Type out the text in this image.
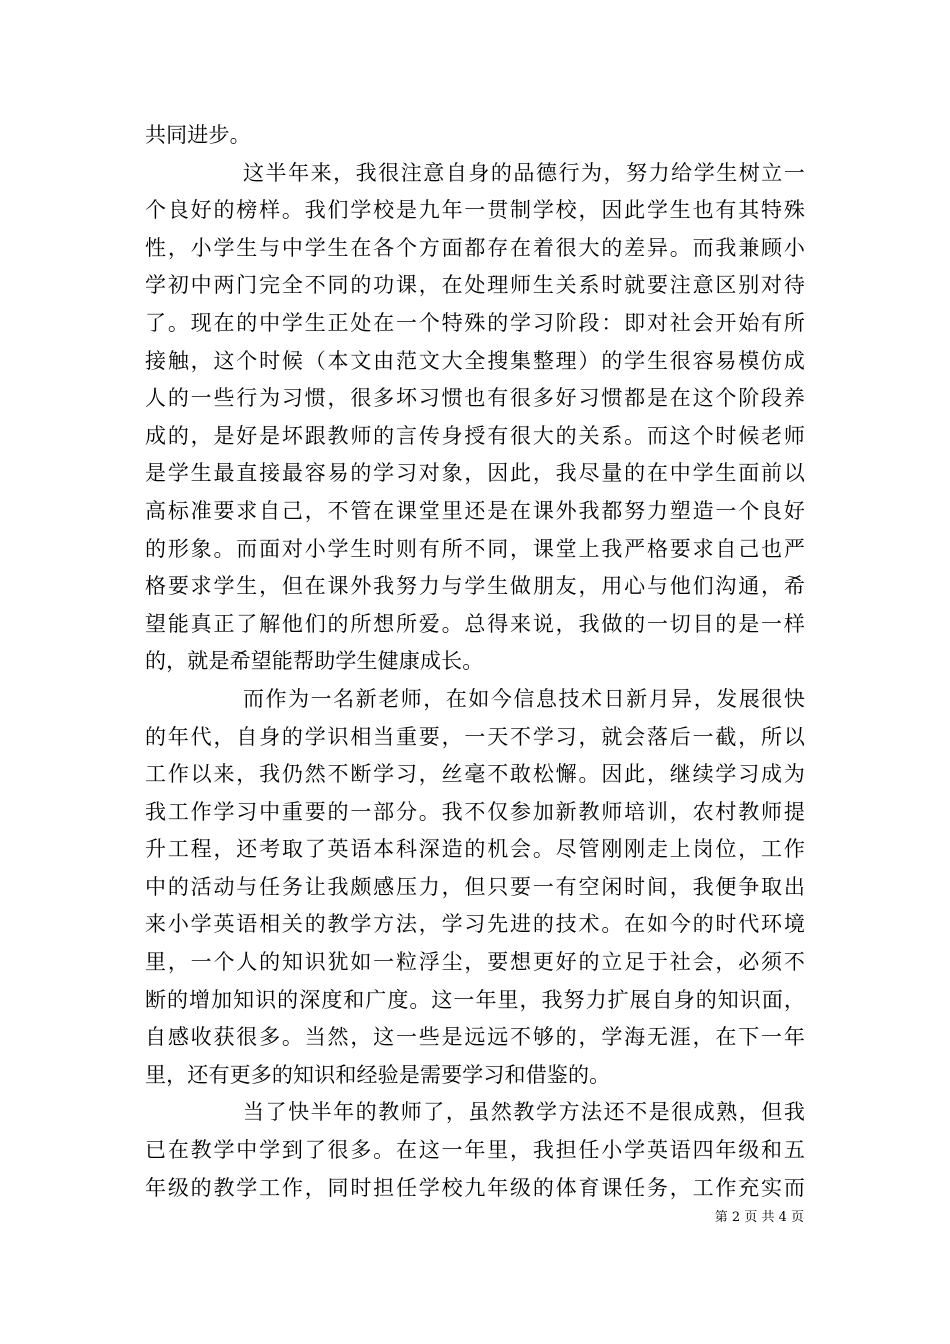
共同进步。
这半年来，我很注意自身的品德行为，努力给学生树立一
个良好的榜样。我们学校是九年一贯制学校，因此学生也有其特殊
性，小学生与中学生在各个方面都存在着很大的差异。而我兼顾小
学初中两门完全不同的功课，在处理师生关系时就要注意区别对待
了。现在的中学生正处在一个特殊的学习阶段：即对社会开始有所
接触，这个时候（本文由范文大全搜集整理）的学生很容易模仿成
人的一些行为习惯，很多坏习惯也有很多好习惯都是在这个阶段养
成的，是好是坏跟教师的言传身授有很大的关系。而这个时候老师
是学生最直接最容易的学习对象，因此，我尽量的在中学生面前以
高标准要求自己，不管在课堂里还是在课外我都努力塑造一个良好
的形象。而面对小学生时则有所不同，课堂上我严格要求自己也严
格要求学生，但在课外我努力与学生做朋友，用心与他们沟通，希
望能真正了解他们的所想所爱。总得来说，我做的一切目的是一样
的，就是希望能帮助学生健康成长。
而作为一名新老师，在如今信息技术日新月异，发展很快
的年代，自身的学识相当重要，一天不学习，就会落后一截，所以
工作以来，我仍然不断学习，丝毫不敢松懈。因此，继续学习成为
我工作学习中重要的一部分。我不仅参加新教师培训，农村教师提
升工程，还考取了英语本科深造的机会。尽管刚刚走上岗位，工作
中的活动与任务让我颇感压力，但只要一有空闲时间，我便争取出
来小学英语相关的教学方法，学习先进的技术。在如今的时代环境
里，一个人的知识犹如一粒浮尘，要想更好的立足于社会，必须不
断的增加知识的深度和广度。这一年里，我努力扩展自身的知识面，
自感收获很多。当然，这一些是远远不够的，学海无涯，在下一年
里，还有更多的知识和经验是需要学习和借鉴的。
当了快半年的教师了，虽然教学方法还不是很成熟，但我
已在教学中学到了很多。在这一年里，我担任小学英语四年级和五
年级的教学工作，同时担任学校九年级的体育课任务，工作充实而
第 2 页 共 4 页
